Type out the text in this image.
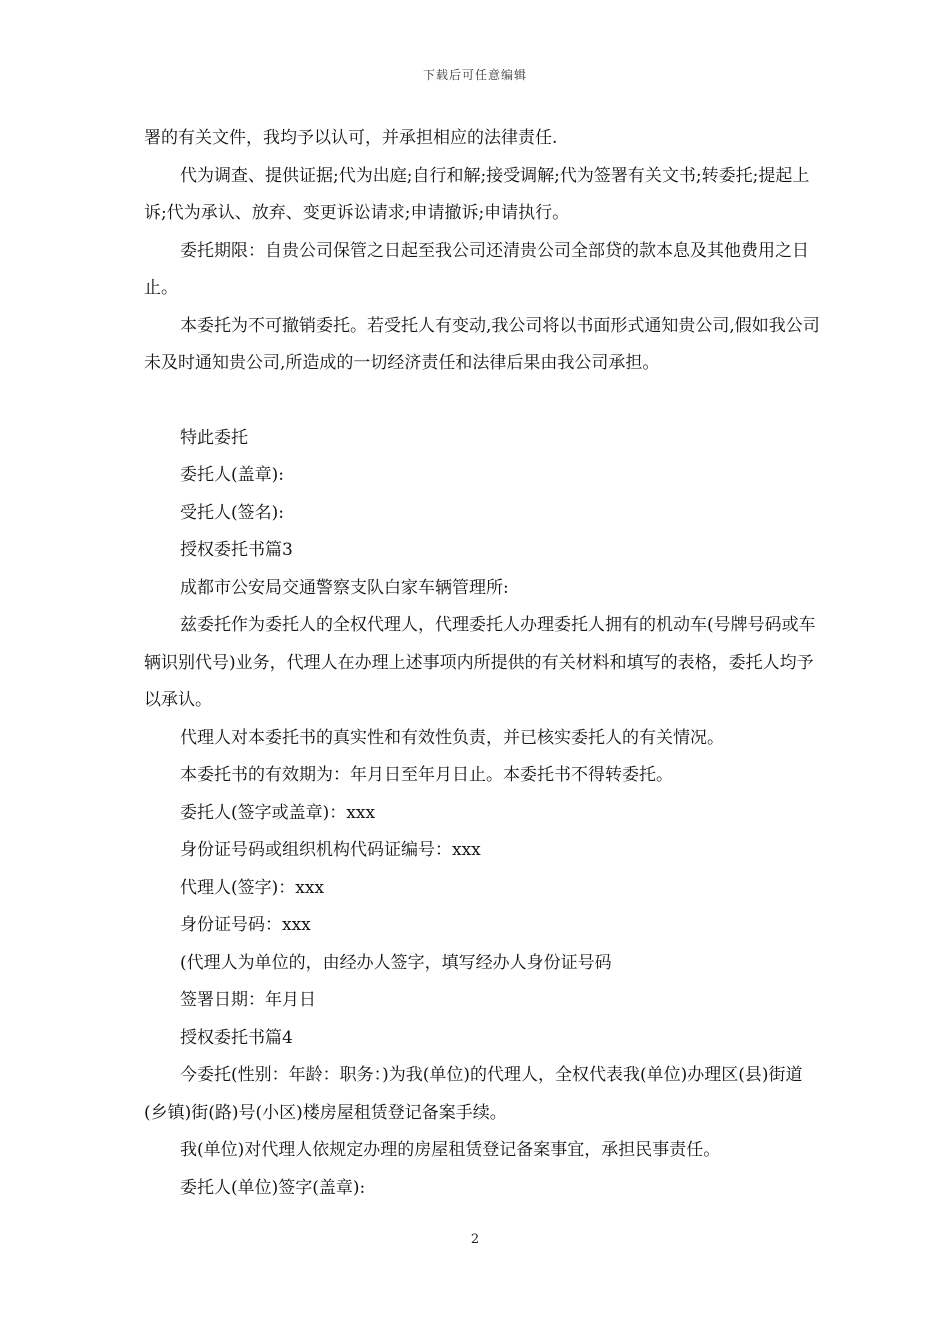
下载后可任意编辑

署的有关文件，我均予以认可，并承担相应的法律责任.

代为调查、提供证据;代为出庭;自行和解;接受调解;代为签署有关文书;转委托;提起上诉;代为承认、放弃、变更诉讼请求;申请撤诉;申请执行。

委托期限：自贵公司保管之日起至我公司还清贵公司全部贷的款本息及其他费用之日止。

本委托为不可撤销委托。若受托人有变动,我公司将以书面形式通知贵公司,假如我公司未及时通知贵公司,所造成的一切经济责任和法律后果由我公司承担。

特此委托

委托人(盖章):

受托人(签名):

授权委托书篇3

成都市公安局交通警察支队白家车辆管理所:

兹委托作为委托人的全权代理人，代理委托人办理委托人拥有的机动车(号牌号码或车辆识别代号)业务，代理人在办理上述事项内所提供的有关材料和填写的表格，委托人均予以承认。

代理人对本委托书的真实性和有效性负责，并已核实委托人的有关情况。

本委托书的有效期为：年月日至年月日止。本委托书不得转委托。

委托人(签字或盖章)：xxx

身份证号码或组织机构代码证编号：xxx

代理人(签字)：xxx

身份证号码：xxx

(代理人为单位的，由经办人签字，填写经办人身份证号码

签署日期：年月日

授权委托书篇4

今委托(性别：年龄：职务：)为我(单位)的代理人，全权代表我(单位)办理区(县)街道(乡镇)街(路)号(小区)楼房屋租赁登记备案手续。

我(单位)对代理人依规定办理的房屋租赁登记备案事宜，承担民事责任。

委托人(单位)签字(盖章):

2
